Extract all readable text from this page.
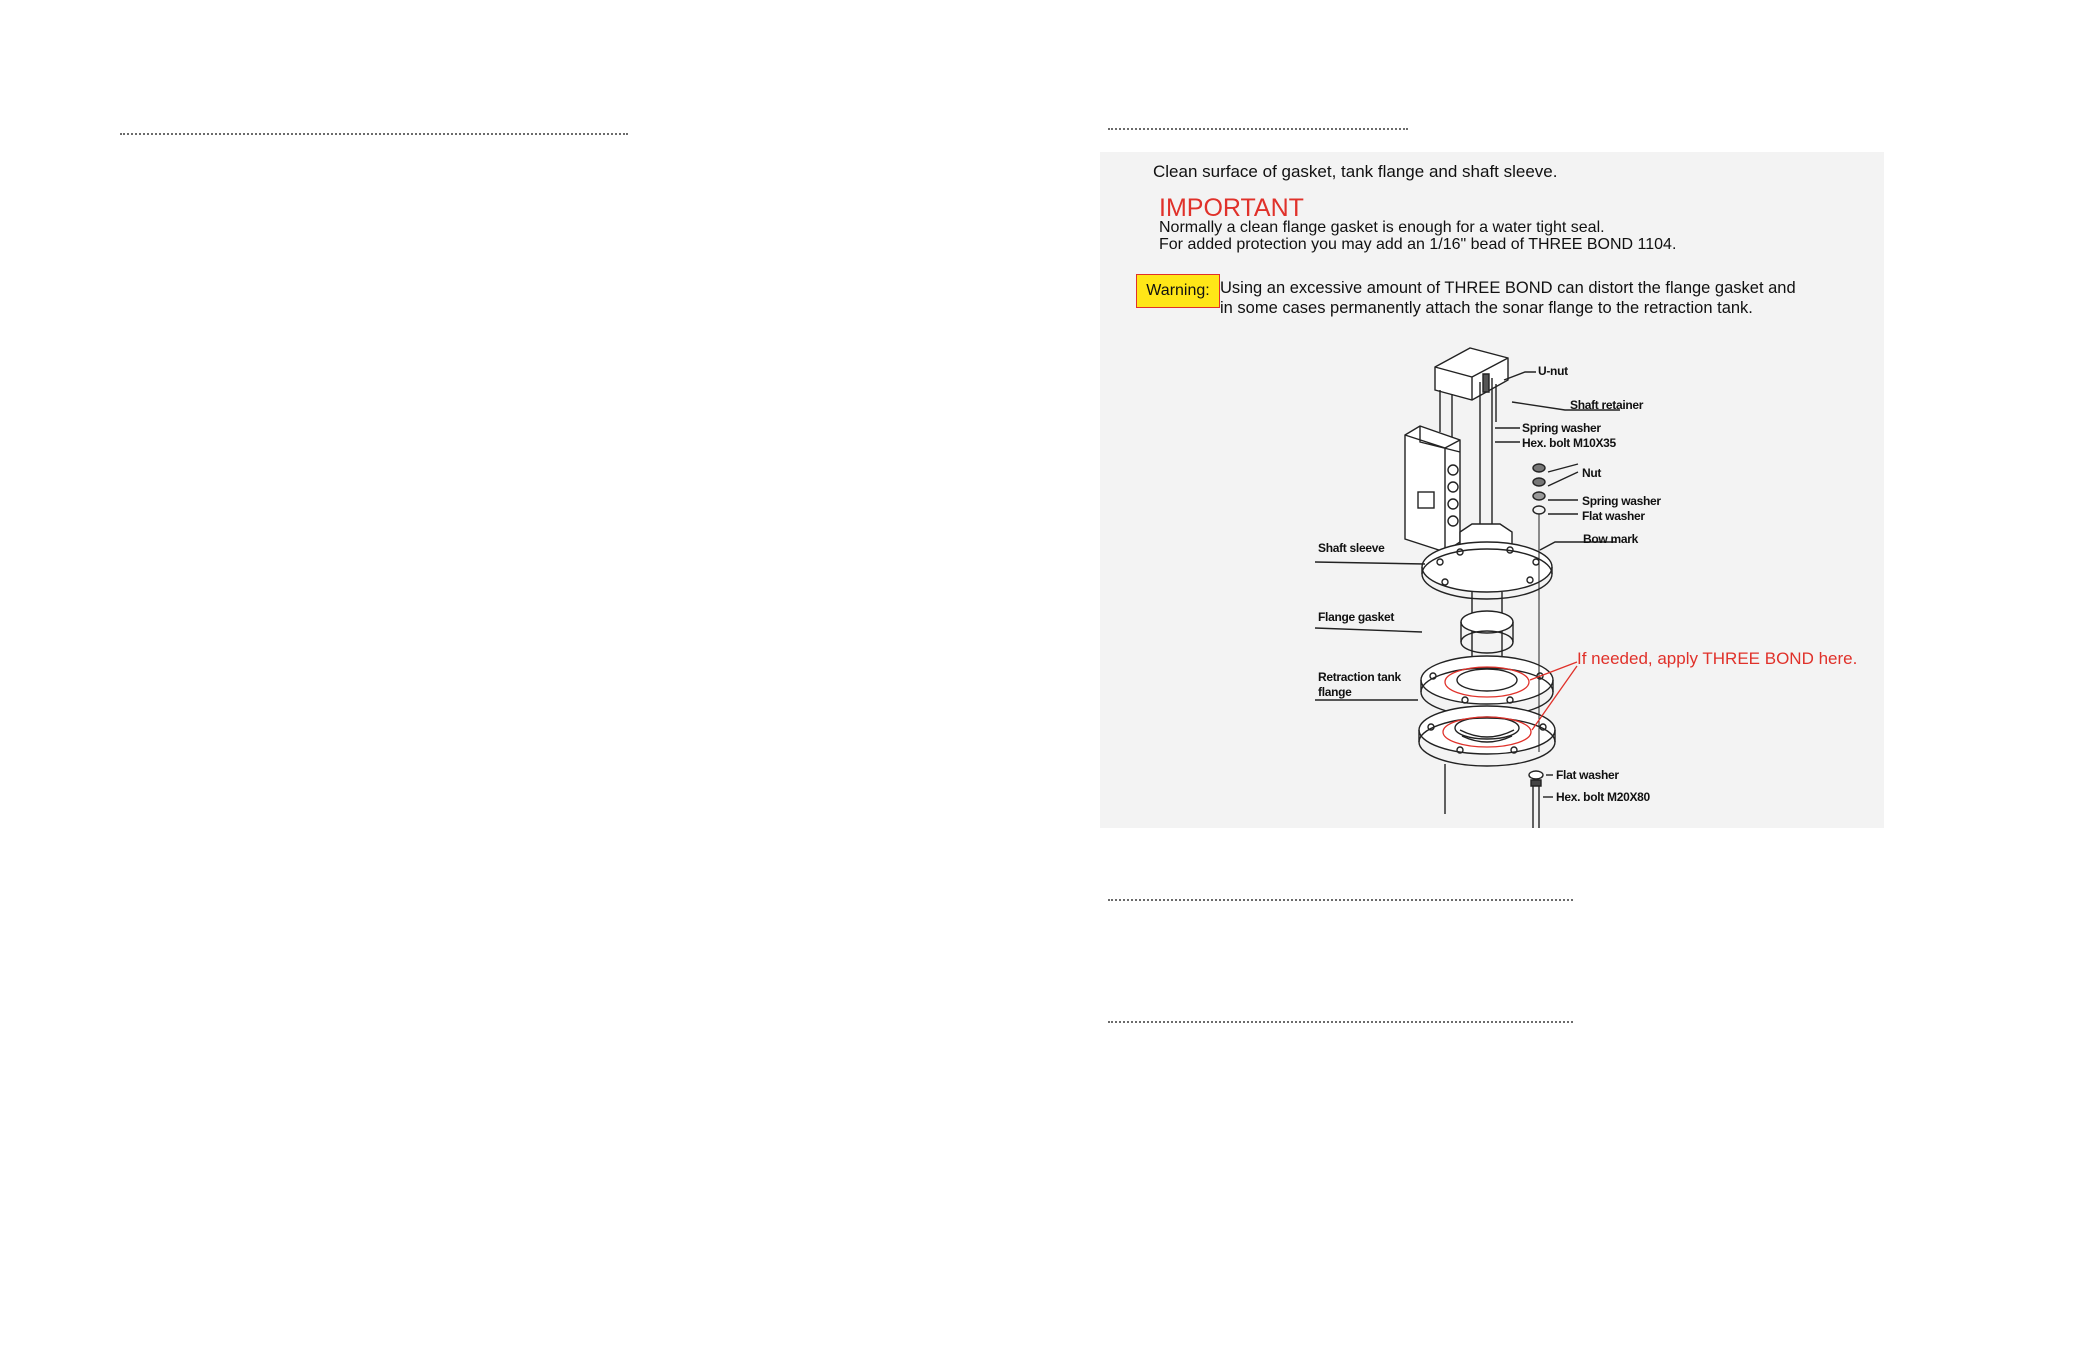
Clean surface of gasket, tank flange and shaft sleeve.
IMPORTANT
Normally a clean flange gasket is enough for a water tight seal.
For added protection you may add an 1/16" bead of THREE BOND 1104.
Warning: Using an excessive amount of THREE BOND can distort the flange gasket and
in some cases permanently attach the sonar flange to the retraction tank.
U-nut
Shaft retainer
Spring washer
Hex. bolt M10X35
Nut
Spring washer
Flat washer
Bow mark
Shaft sleeve
Flange gasket
Retraction tank
flange
If needed, apply THREE BOND here.
Flat washer
Hex. bolt M20X80
